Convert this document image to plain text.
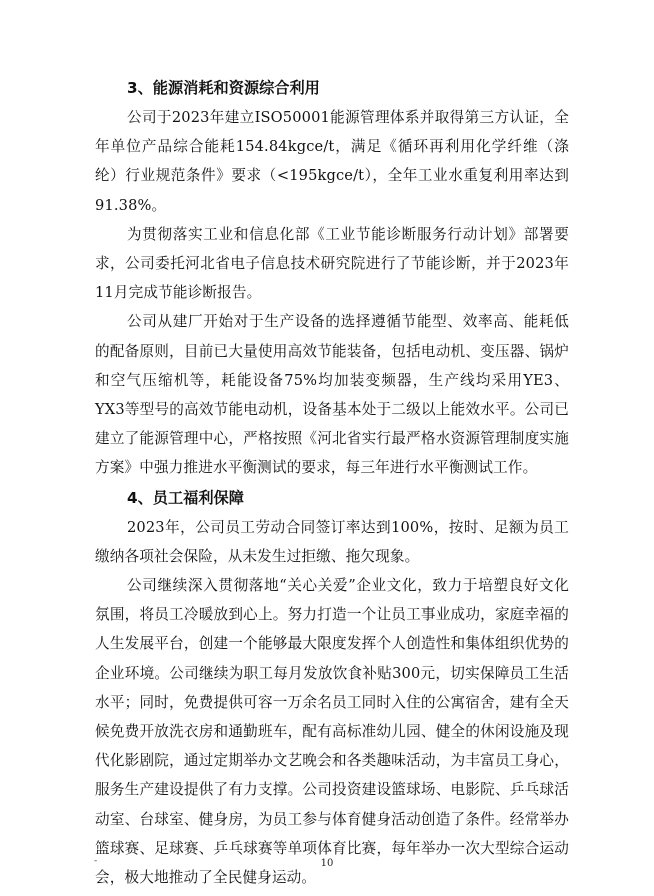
3、能源消耗和资源综合利用

公司于2023年建立ISO50001能源管理体系并取得第三方认证，全年单位产品综合能耗154.84kgce/t，满足《循环再利用化学纤维（涤纶）行业规范条件》要求（<195kgce/t），全年工业水重复利用率达到91.38%。

为贯彻落实工业和信息化部《工业节能诊断服务行动计划》部署要求，公司委托河北省电子信息技术研究院进行了节能诊断，并于2023年11月完成节能诊断报告。

公司从建厂开始对于生产设备的选择遵循节能型、效率高、能耗低的配备原则，目前已大量使用高效节能装备，包括电动机、变压器、锅炉和空气压缩机等，耗能设备75%均加装变频器，生产线均采用YE3、YX3等型号的高效节能电动机，设备基本处于二级以上能效水平。公司已建立了能源管理中心，严格按照《河北省实行最严格水资源管理制度实施方案》中强力推进水平衡测试的要求，每三年进行水平衡测试工作。

4、员工福利保障

2023年，公司员工劳动合同签订率达到100%，按时、足额为员工缴纳各项社会保险，从未发生过拒缴、拖欠现象。

公司继续深入贯彻落地“关心关爱”企业文化，致力于培塑良好文化氛围，将员工冷暖放到心上。努力打造一个让员工事业成功，家庭幸福的人生发展平台，创建一个能够最大限度发挥个人创造性和集体组织优势的企业环境。公司继续为职工每月发放饮食补贴300元，切实保障员工生活水平；同时，免费提供可容一万余名员工同时入住的公寓宿舍，建有全天候免费开放洗衣房和通勤班车，配有高标准幼儿园、健全的休闲设施及现代化影剧院，通过定期举办文艺晚会和各类趣味活动，为丰富员工身心，服务生产建设提供了有力支撑。公司投资建设篮球场、电影院、乒乓球活动室、台球室、健身房，为员工参与体育健身活动创造了条件。经常举办篮球赛、足球赛、乒乓球赛等单项体育比赛，每年举办一次大型综合运动会，极大地推动了全民健身运动。

-	10
